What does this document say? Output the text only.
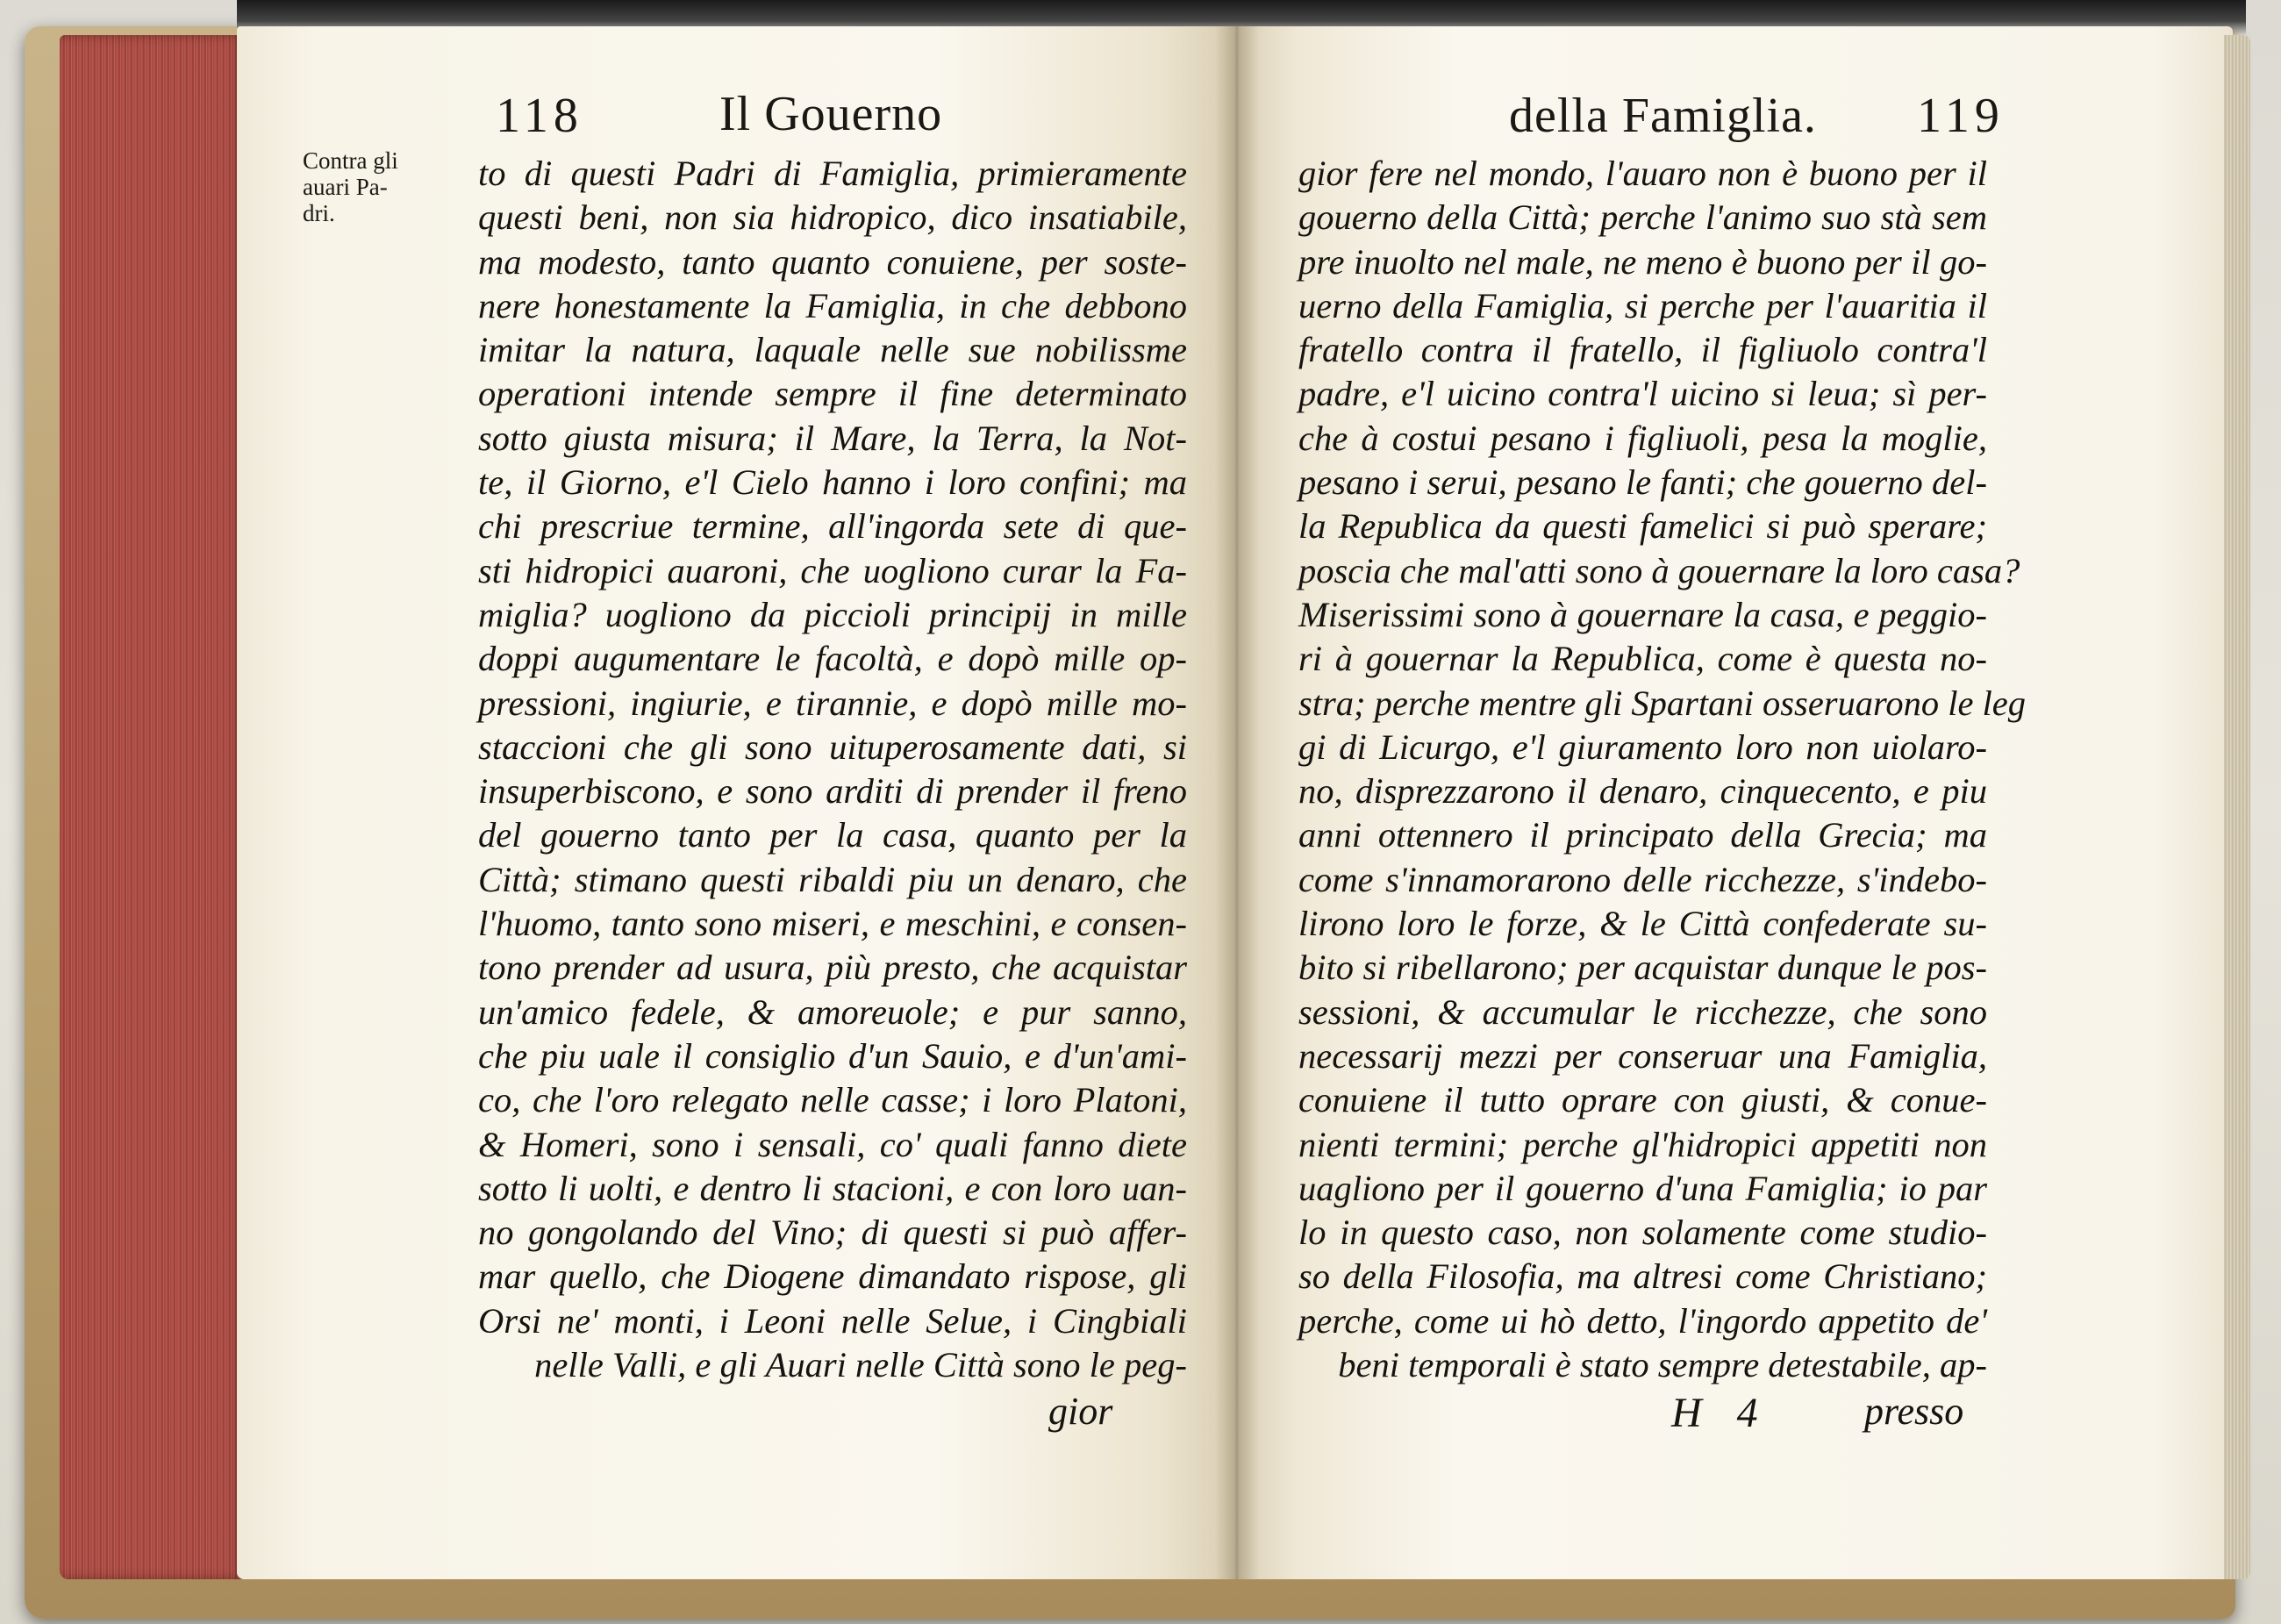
118	Il Gouerno
Contra gli
auari Pa-
dri.
to di questi Padri di Famiglia, primieramente
questi beni, non sia hidropico, dico insatiabile,
ma modesto, tanto quanto conuiene, per soste-
nere honestamente la Famiglia, in che debbono
imitar la natura, laquale nelle sue nobilissme
operationi intende sempre il fine determinato
sotto giusta misura; il Mare, la Terra, la Not-
te, il Giorno, e'l Cielo hanno i loro confini; ma
chi prescriue termine, all'ingorda sete di que-
sti hidropici auaroni, che uogliono curar la Fa-
miglia? uogliono da piccioli principij in mille
doppi augumentare le facoltà, e dopò mille op-
pressioni, ingiurie, e tirannie, e dopò mille mo-
staccioni che gli sono uituperosamente dati, si
insuperbiscono, e sono arditi di prender il freno
del gouerno tanto per la casa, quanto per la
Città; stimano questi ribaldi piu un denaro, che
l'huomo, tanto sono miseri, e meschini, e consen-
tono prender ad usura, più presto, che acquistar
un'amico fedele, & amoreuole; e pur sanno,
che piu uale il consiglio d'un Sauio, e d'un'ami-
co, che l'oro relegato nelle casse; i loro Platoni,
& Homeri, sono i sensali, co' quali fanno diete
sotto li uolti, e dentro li stacioni, e con loro uan-
no gongolando del Vino; di questi si può affer-
mar quello, che Diogene dimandato rispose, gli
Orsi ne' monti, i Leoni nelle Selue, i Cingbiali
nelle Valli, e gli Auari nelle Città sono le peg-
gior
della Famiglia. 119
gior fere nel mondo, l'auaro non è buono per il
gouerno della Città; perche l'animo suo stà sem
pre inuolto nel male, ne meno è buono per il go-
uerno della Famiglia, si perche per l'auaritia il
fratello contra il fratello, il figliuolo contra'l
padre, e'l uicino contra'l uicino si leua; sì per-
che à costui pesano i figliuoli, pesa la moglie,
pesano i serui, pesano le fanti; che gouerno del-
la Republica da questi famelici si può sperare;
poscia che mal'atti sono à gouernare la loro casa?
Miserissimi sono à gouernare la casa, e peggio-
ri à gouernar la Republica, come è questa no-
stra; perche mentre gli Spartani osseruarono le leg
gi di Licurgo, e'l giuramento loro non uiolaro-
no, disprezzarono il denaro, cinquecento, e piu
anni ottennero il principato della Grecia; ma
come s'innamorarono delle ricchezze, s'indebo-
lirono loro le forze, & le Città confederate su-
bito si ribellarono; per acquistar dunque le pos-
sessioni, & accumular le ricchezze, che sono
necessarij mezzi per conseruar una Famiglia,
conuiene il tutto oprare con giusti, & conue-
nienti termini; perche gl'hidropici appetiti non
uagliono per il gouerno d'una Famiglia; io par
lo in questo caso, non solamente come studio-
so della Filosofia, ma altresi come Christiano;
perche, come ui hò detto, l'ingordo appetito de'
beni temporali è stato sempre detestabile, ap-
H 4	presso
